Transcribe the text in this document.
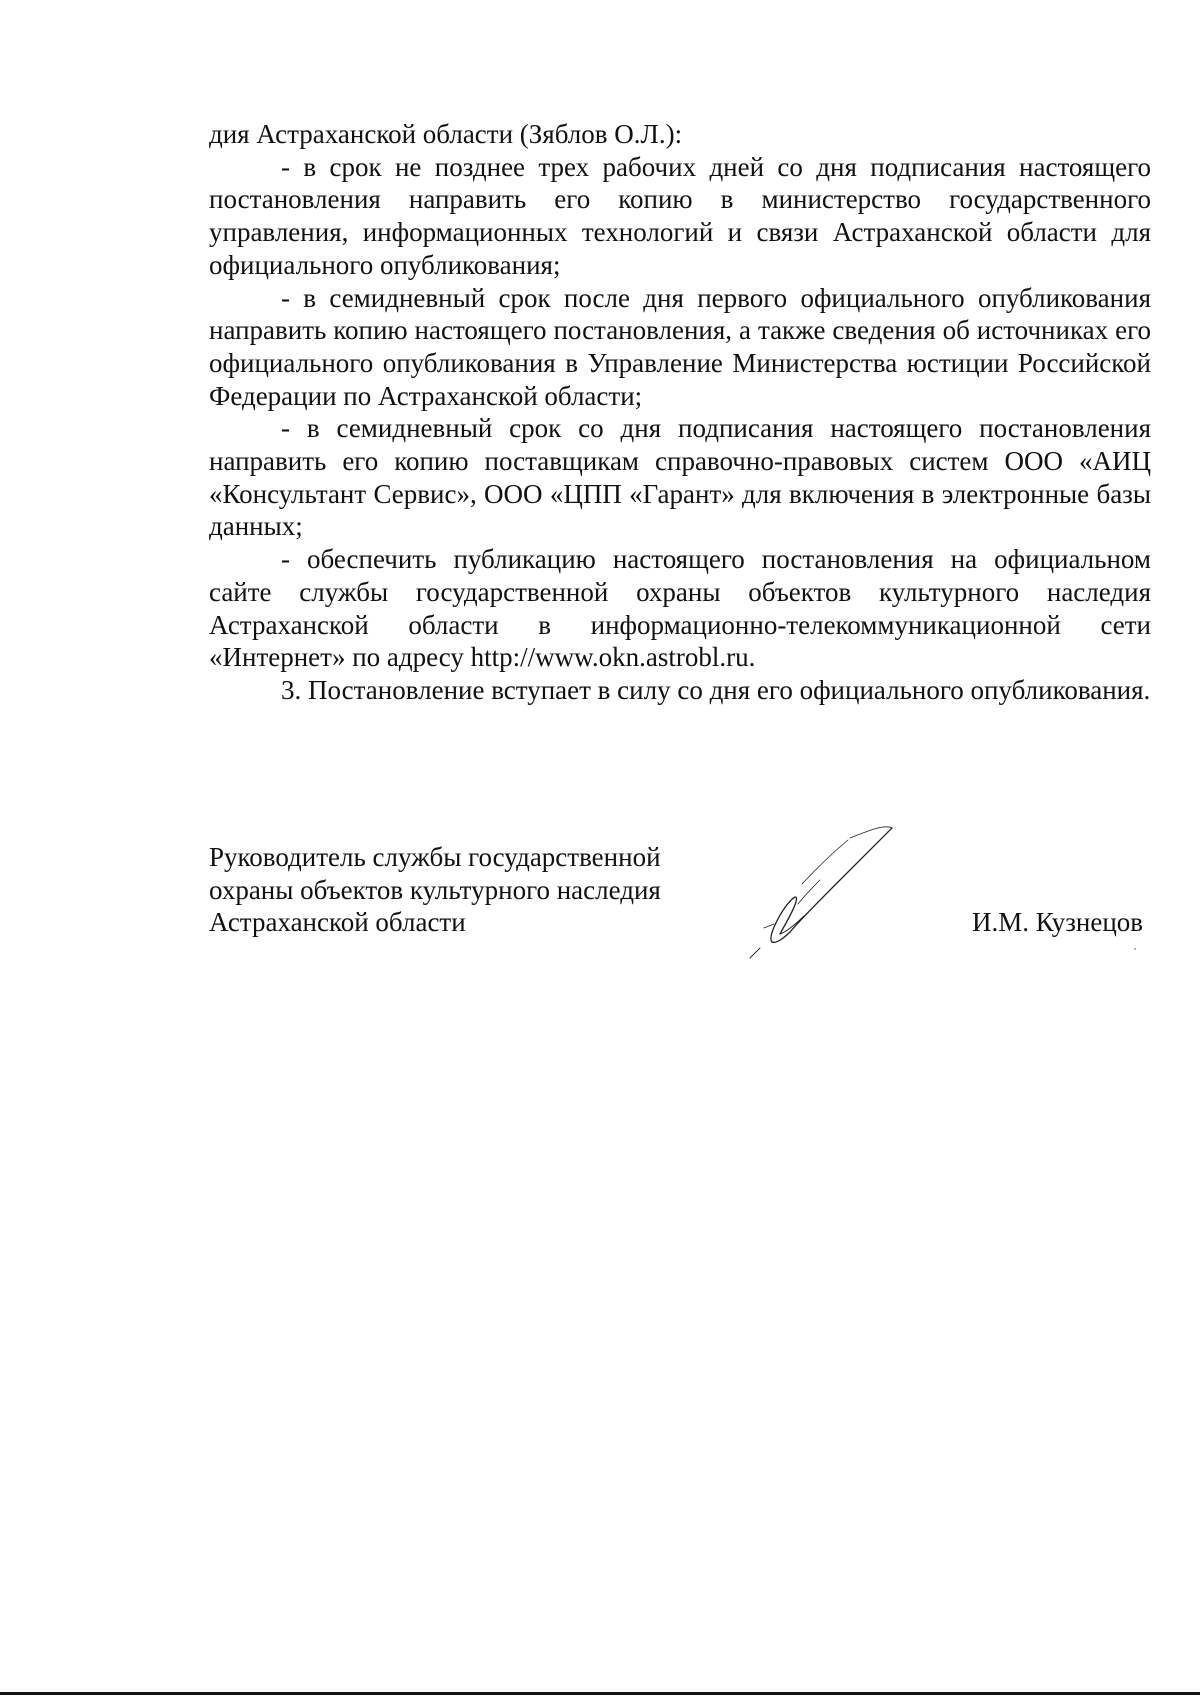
дия Астраханской области (Зяблов О.Л.):

- в срок не позднее трех рабочих дней со дня подписания настоящего постановления направить его копию в министерство государственного управления, информационных технологий и связи Астраханской области для официального опубликования;

- в семидневный срок после дня первого официального опубликования направить копию настоящего постановления, а также сведения об источниках его официального опубликования в Управление Министерства юстиции Российской Федерации по Астраханской области;

- в семидневный срок со дня подписания настоящего постановления направить его копию поставщикам справочно-правовых систем ООО «АИЦ «Консультант Сервис», ООО «ЦПП «Гарант» для включения в электронные базы данных;

- обеспечить публикацию настоящего постановления на официальном сайте службы государственной охраны объектов культурного наследия Астраханской области в информационно-телекоммуникационной сети «Интернет» по адресу http://www.okn.astrobl.ru.

3. Постановление вступает в силу со дня его официального опубликования.

Руководитель службы государственной
охраны объектов культурного наследия
Астраханской области	И.М. Кузнецов
